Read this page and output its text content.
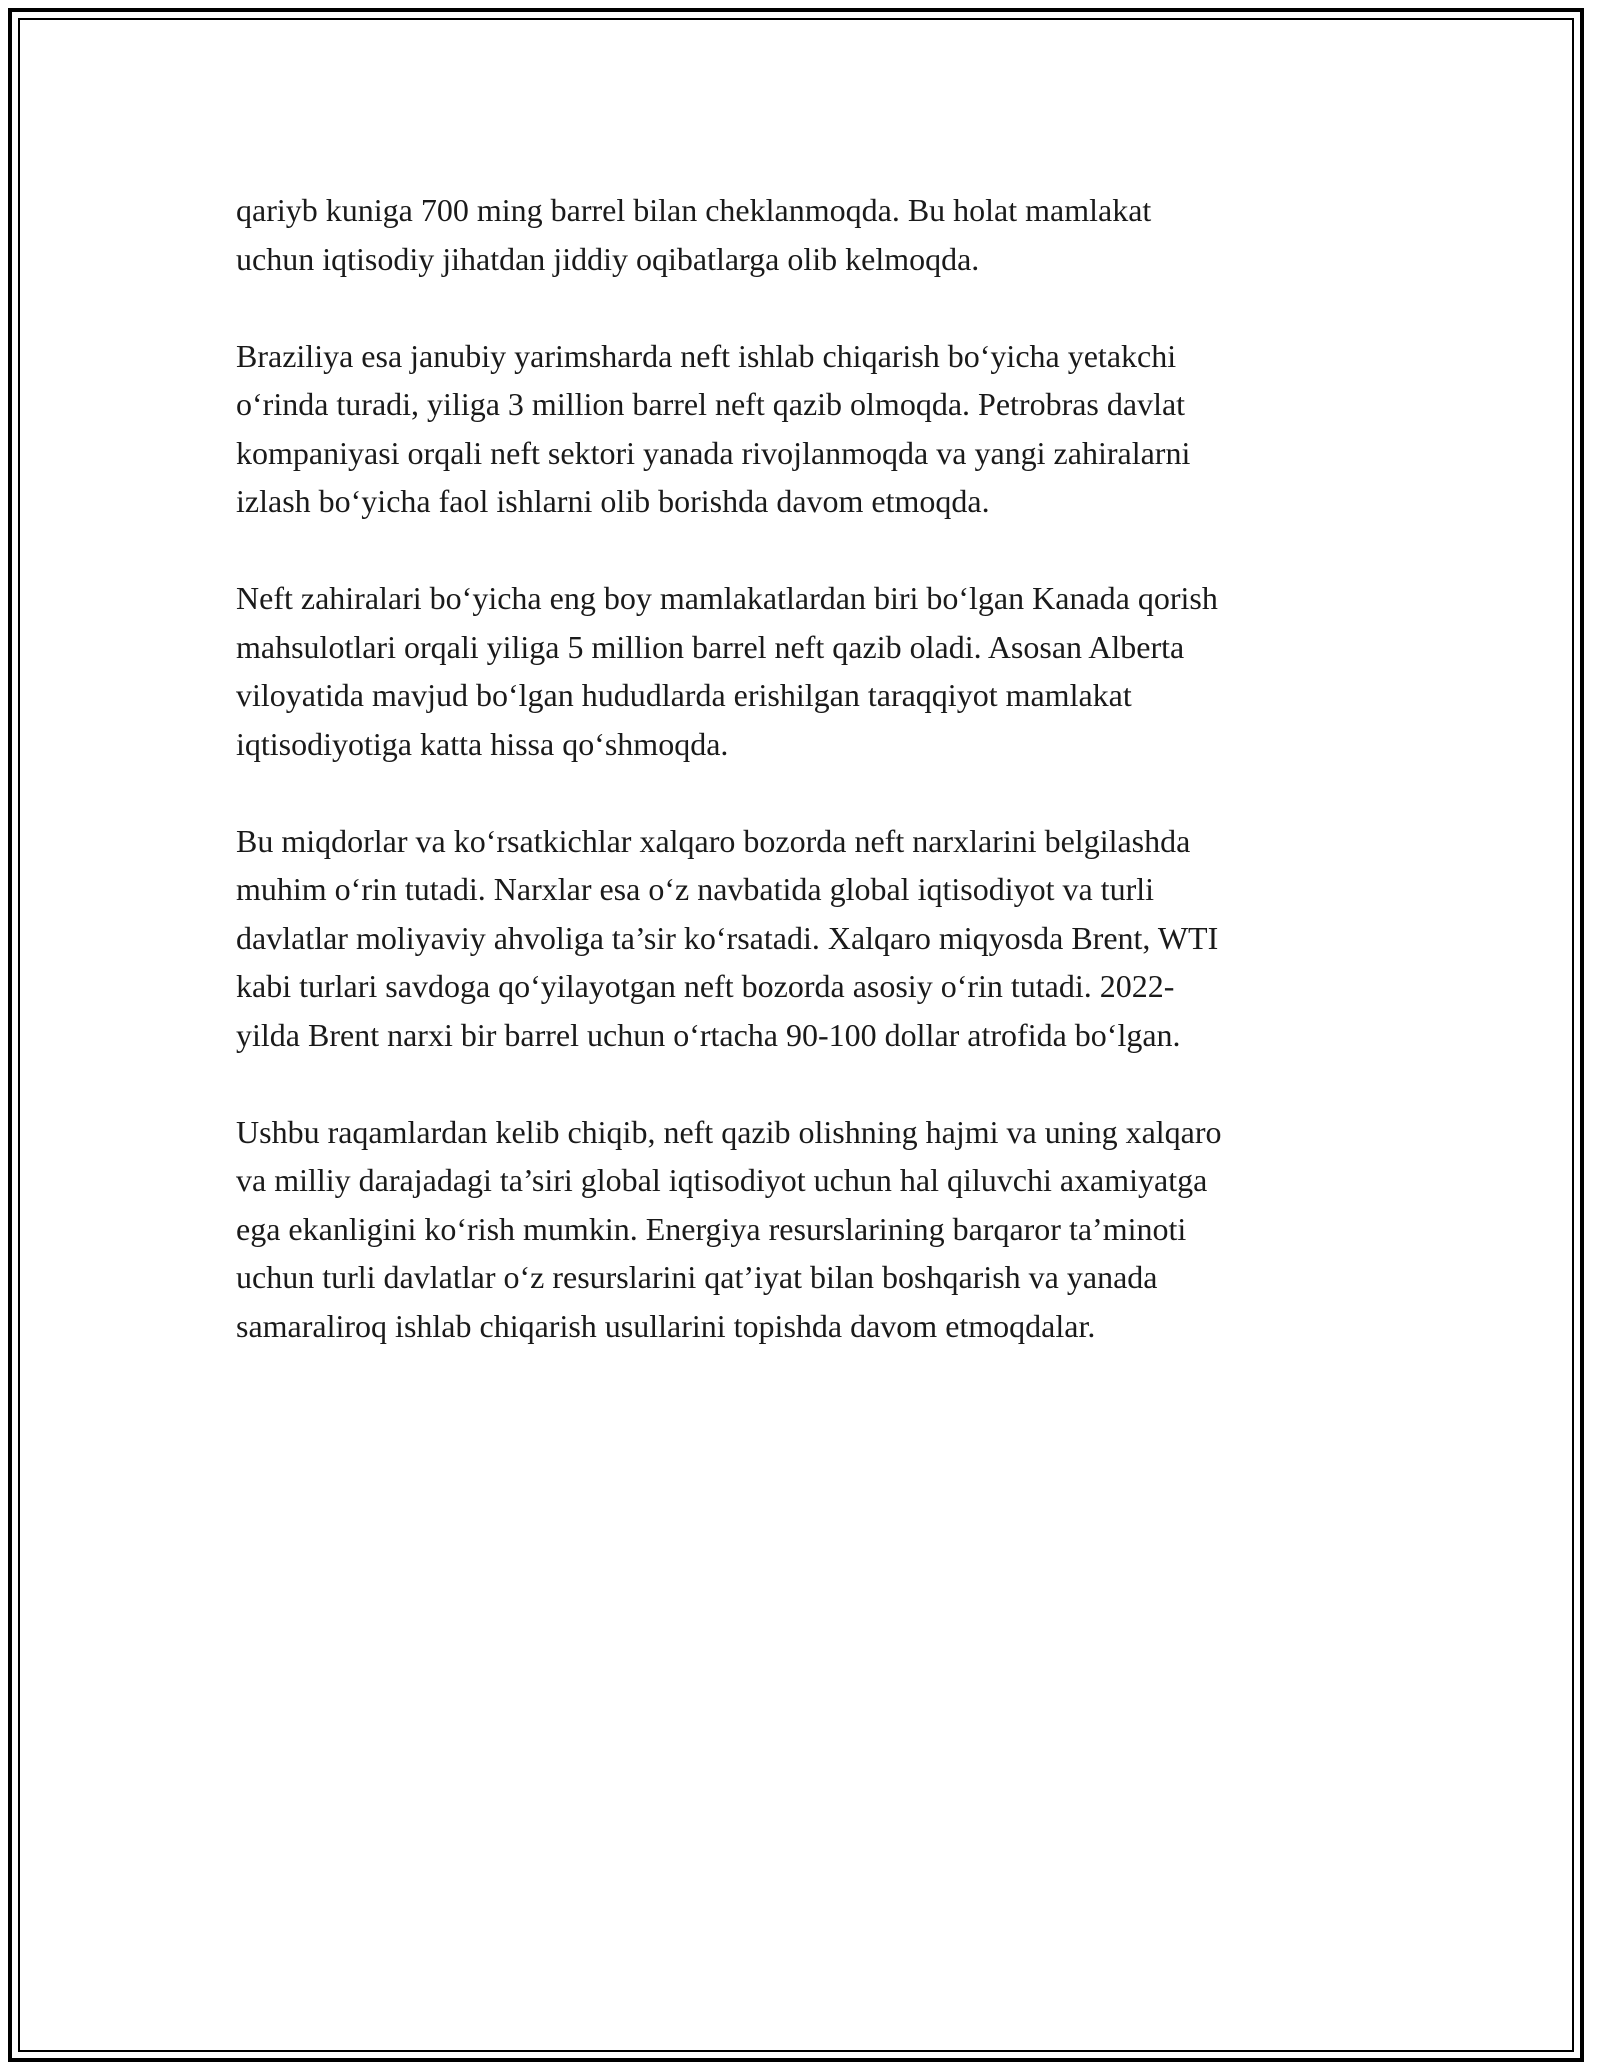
qariyb kuniga 700 ming barrel bilan cheklanmoqda. Bu holat mamlakat
uchun iqtisodiy jihatdan jiddiy oqibatlarga olib kelmoqda.

Braziliya esa janubiy yarimsharda neft ishlab chiqarish bo‘yicha yetakchi
o‘rinda turadi, yiliga 3 million barrel neft qazib olmoqda. Petrobras davlat
kompaniyasi orqali neft sektori yanada rivojlanmoqda va yangi zahiralarni
izlash bo‘yicha faol ishlarni olib borishda davom etmoqda.

Neft zahiralari bo‘yicha eng boy mamlakatlardan biri bo‘lgan Kanada qorish
mahsulotlari orqali yiliga 5 million barrel neft qazib oladi. Asosan Alberta
viloyatida mavjud bo‘lgan hududlarda erishilgan taraqqiyot mamlakat
iqtisodiyotiga katta hissa qo‘shmoqda.

Bu miqdorlar va ko‘rsatkichlar xalqaro bozorda neft narxlarini belgilashda
muhim o‘rin tutadi. Narxlar esa o‘z navbatida global iqtisodiyot va turli
davlatlar moliyaviy ahvoliga ta’sir ko‘rsatadi. Xalqaro miqyosda Brent, WTI
kabi turlari savdoga qo‘yilayotgan neft bozorda asosiy o‘rin tutadi. 2022-
yilda Brent narxi bir barrel uchun o‘rtacha 90-100 dollar atrofida bo‘lgan.

Ushbu raqamlardan kelib chiqib, neft qazib olishning hajmi va uning xalqaro
va milliy darajadagi ta’siri global iqtisodiyot uchun hal qiluvchi axamiyatga
ega ekanligini ko‘rish mumkin. Energiya resurslarining barqaror ta’minoti
uchun turli davlatlar o‘z resurslarini qat’iyat bilan boshqarish va yanada
samaraliroq ishlab chiqarish usullarini topishda davom etmoqdalar.
